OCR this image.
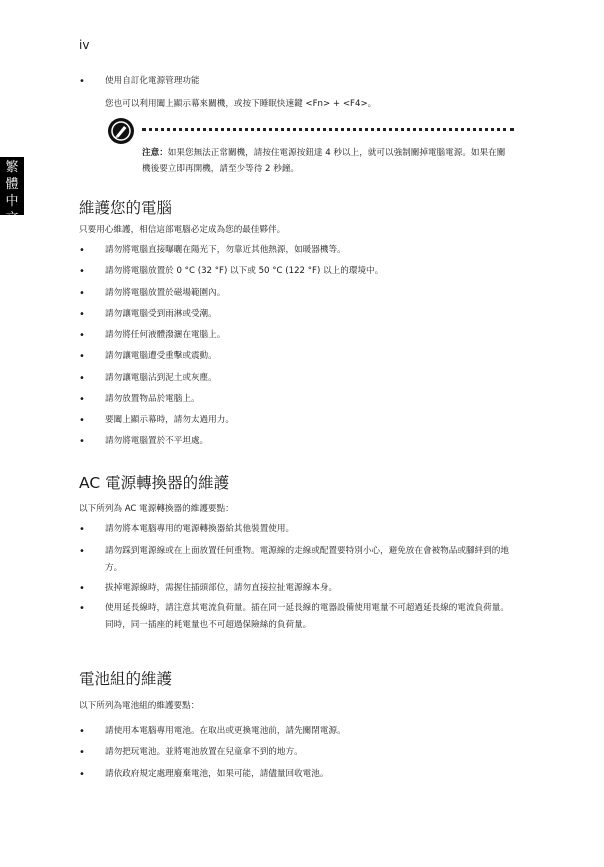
iv
繁
體
中
文
• 使用自訂化電源管理功能
您也可以利用闔上顯示幕來關機，或按下睡眠快速鍵 <Fn> + <F4>。
注意：如果您無法正常關機，請按住電源按鈕達 4 秒以上，就可以強制關掉電腦電源。如果在關機後要立即再開機，請至少等待 2 秒鐘。
維護您的電腦
只要用心維護，相信這部電腦必定成為您的最佳夥伴。
• 請勿將電腦直接曝曬在陽光下，勿靠近其他熱源，如暖器機等。
• 請勿將電腦放置於 0 °C (32 °F) 以下或 50 °C (122 °F) 以上的環境中。
• 請勿將電腦放置於磁場範圍內。
• 請勿讓電腦受到雨淋或受潮。
• 請勿將任何液體潑灑在電腦上。
• 請勿讓電腦遭受重擊或震動。
• 請勿讓電腦沾到泥土或灰塵。
• 請勿放置物品於電腦上。
• 要闔上顯示幕時，請勿太過用力。
• 請勿將電腦置於不平坦處。
AC 電源轉換器的維護
以下所列為 AC 電源轉換器的維護要點：
• 請勿將本電腦專用的電源轉換器給其他裝置使用。
• 請勿踩到電源線或在上面放置任何重物。電源線的走線或配置要特別小心，避免放在會被物品或腳絆到的地方。
• 拔掉電源線時，需握住插頭部位，請勿直接拉扯電源線本身。
• 使用延長線時，請注意其電流負荷量。插在同一延長線的電器設備使用電量不可超過延長線的電流負荷量。同時，同一插座的耗電量也不可超過保險絲的負荷量。
電池組的維護
以下所列為電池組的維護要點：
• 請使用本電腦專用電池。在取出或更換電池前，請先關閉電源。
• 請勿把玩電池。並將電池放置在兒童拿不到的地方。
• 請依政府規定處理廢棄電池，如果可能，請儘量回收電池。
